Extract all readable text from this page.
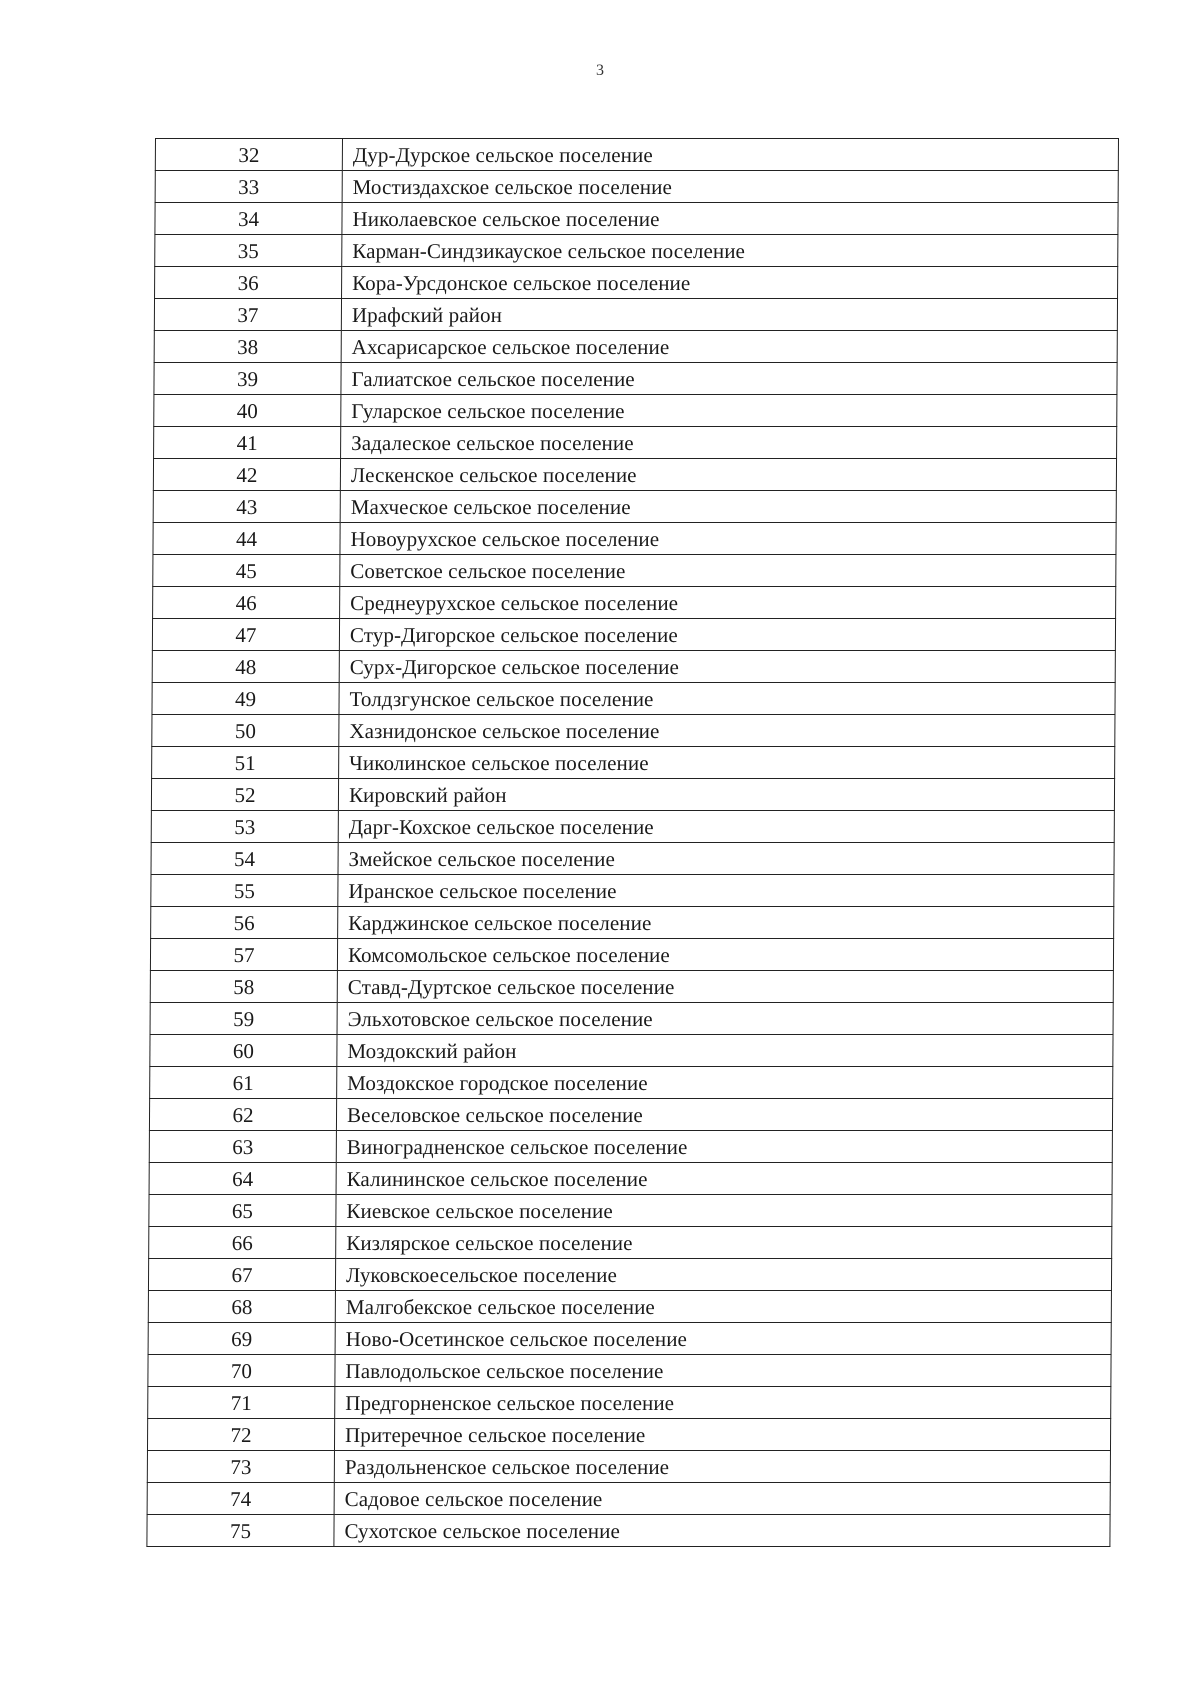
3
32	Дур-Дурское сельское поселение
33	Мостиздахское сельское поселение
34	Николаевское сельское поселение
35	Карман-Синдзикауское сельское поселение
36	Кора-Урсдонское сельское поселение
37	Ирафский район
38	Ахсарисарское сельское поселение
39	Галиатское сельское поселение
40	Гуларское сельское поселение
41	Задалеское сельское поселение
42	Лескенское сельское поселение
43	Махческое сельское поселение
44	Новоурухское сельское поселение
45	Советское сельское поселение
46	Среднеурухское сельское поселение
47	Стур-Дигорское сельское поселение
48	Сурх-Дигорское сельское поселение
49	Толдзгунское сельское поселение
50	Хазнидонское сельское поселение
51	Чиколинское сельское поселение
52	Кировский район
53	Дарг-Кохское сельское поселение
54	Змейское сельское поселение
55	Иранское сельское поселение
56	Карджинское сельское поселение
57	Комсомольское сельское поселение
58	Ставд-Дуртское сельское поселение
59	Эльхотовское сельское поселение
60	Моздокский район
61	Моздокское городское поселение
62	Веселовское сельское поселение
63	Виноградненское сельское поселение
64	Калининское сельское поселение
65	Киевское сельское поселение
66	Кизлярское сельское поселение
67	Луковскоесельское поселение
68	Малгобекское сельское поселение
69	Ново-Осетинское сельское поселение
70	Павлодольское сельское поселение
71	Предгорненское сельское поселение
72	Притеречное сельское поселение
73	Раздольненское сельское поселение
74	Садовое сельское поселение
75	Сухотское сельское поселение
